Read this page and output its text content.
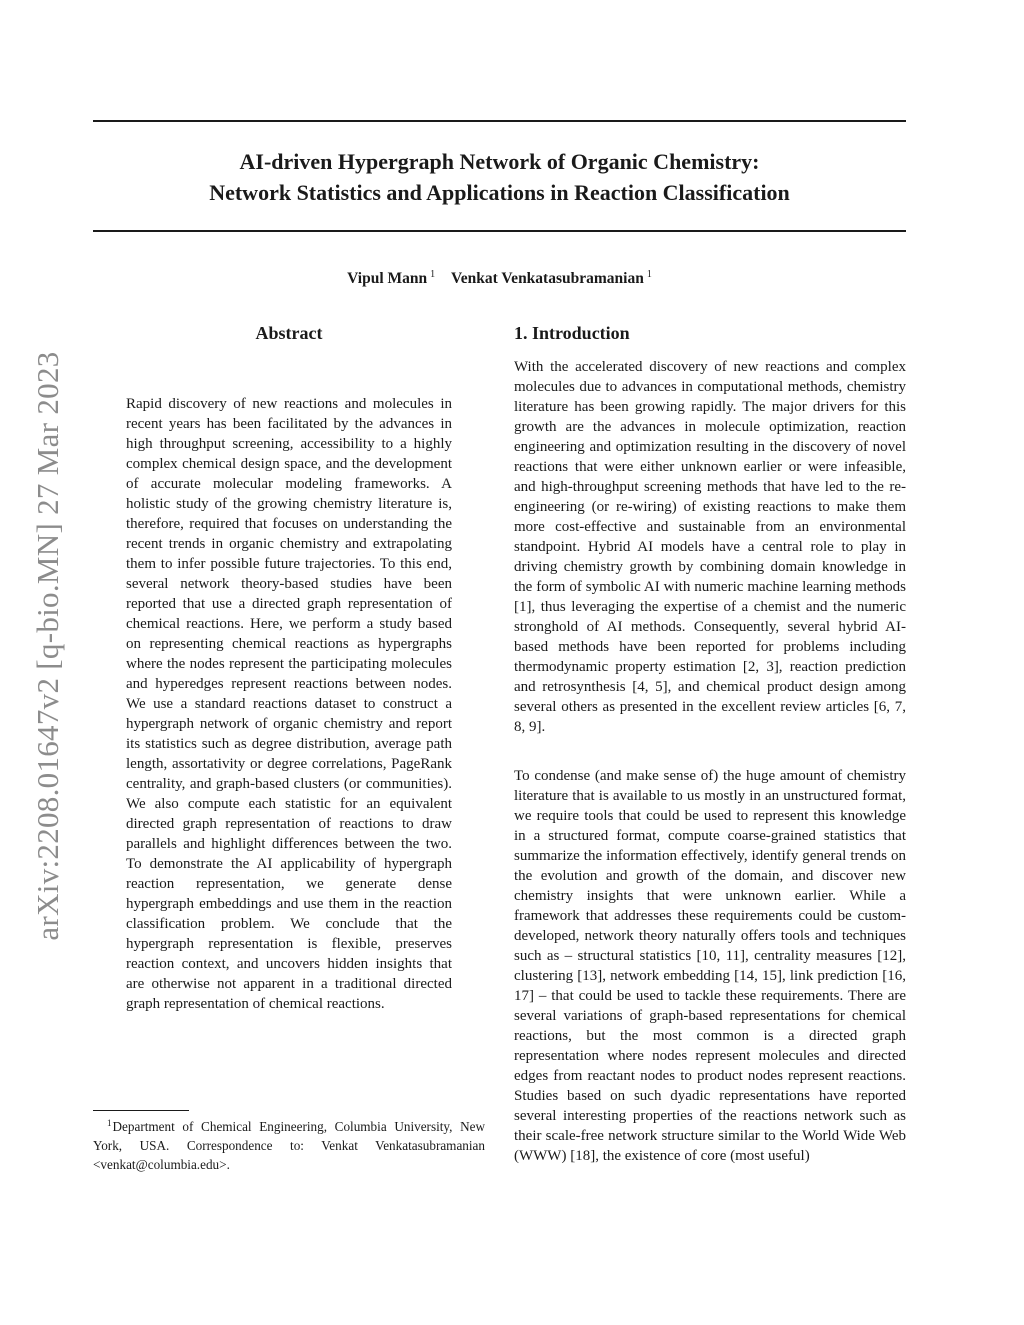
arXiv:2208.01647v2 [q-bio.MN] 27 Mar 2023
AI-driven Hypergraph Network of Organic Chemistry:
Network Statistics and Applications in Reaction Classification
Vipul Mann $^1$ Venkat Venkatasubramanian $^1$
Abstract

Rapid discovery of new reactions and molecules in recent years has been facilitated by the advances in high throughput screening, accessibility to a highly complex chemical design space, and the development of accurate molecular modeling frameworks. A holistic study of the growing chemistry literature is, therefore, required that focuses on understanding the recent trends in organic chemistry and extrapolating them to infer possible future trajectories. To this end, several network theory-based studies have been reported that use a directed graph representation of chemical reactions. Here, we perform a study based on representing chemical reactions as hypergraphs where the nodes represent the participating molecules and hyperedges represent reactions between nodes. We use a standard reactions dataset to construct a hypergraph network of organic chemistry and report its statistics such as degree distribution, average path length, assortativity or degree correlations, PageRank centrality, and graph-based clusters (or communities). We also compute each statistic for an equivalent directed graph representation of reactions to draw parallels and highlight differences between the two. To demonstrate the AI applicability of hypergraph reaction representation, we generate dense hypergraph embeddings and use them in the reaction classification problem. We conclude that the hypergraph representation is flexible, preserves reaction context, and uncovers hidden insights that are otherwise not apparent in a traditional directed graph representation of chemical reactions.

$^1$Department of Chemical Engineering, Columbia University, New York, USA. Correspondence to: Venkat Venkatasubramanian <venkat@columbia.edu>.

1. Introduction

With the accelerated discovery of new reactions and complex molecules due to advances in computational methods, chemistry literature has been growing rapidly. The major drivers for this growth are the advances in molecule optimization, reaction engineering and optimization resulting in the discovery of novel reactions that were either unknown earlier or were infeasible, and high-throughput screening methods that have led to the re-engineering (or re-wiring) of existing reactions to make them more cost-effective and sustainable from an environmental standpoint. Hybrid AI models have a central role to play in driving chemistry growth by combining domain knowledge in the form of symbolic AI with numeric machine learning methods [1], thus leveraging the expertise of a chemist and the numeric stronghold of AI methods. Consequently, several hybrid AI-based methods have been reported for problems including thermodynamic property estimation [2, 3], reaction prediction and retrosynthesis [4, 5], and chemical product design among several others as presented in the excellent review articles [6, 7, 8, 9].

To condense (and make sense of) the huge amount of chemistry literature that is available to us mostly in an unstructured format, we require tools that could be used to represent this knowledge in a structured format, compute coarse-grained statistics that summarize the information effectively, identify general trends on the evolution and growth of the domain, and discover new chemistry insights that were unknown earlier. While a framework that addresses these requirements could be custom-developed, network theory naturally offers tools and techniques such as – structural statistics [10, 11], centrality measures [12], clustering [13], network embedding [14, 15], link prediction [16, 17] – that could be used to tackle these requirements. There are several variations of graph-based representations for chemical reactions, but the most common is a directed graph representation where nodes represent molecules and directed edges from reactant nodes to product nodes represent reactions. Studies based on such dyadic representations have reported several interesting properties of the reactions network such as their scale-free network structure similar to the World Wide Web (WWW) [18], the existence of core (most useful)
